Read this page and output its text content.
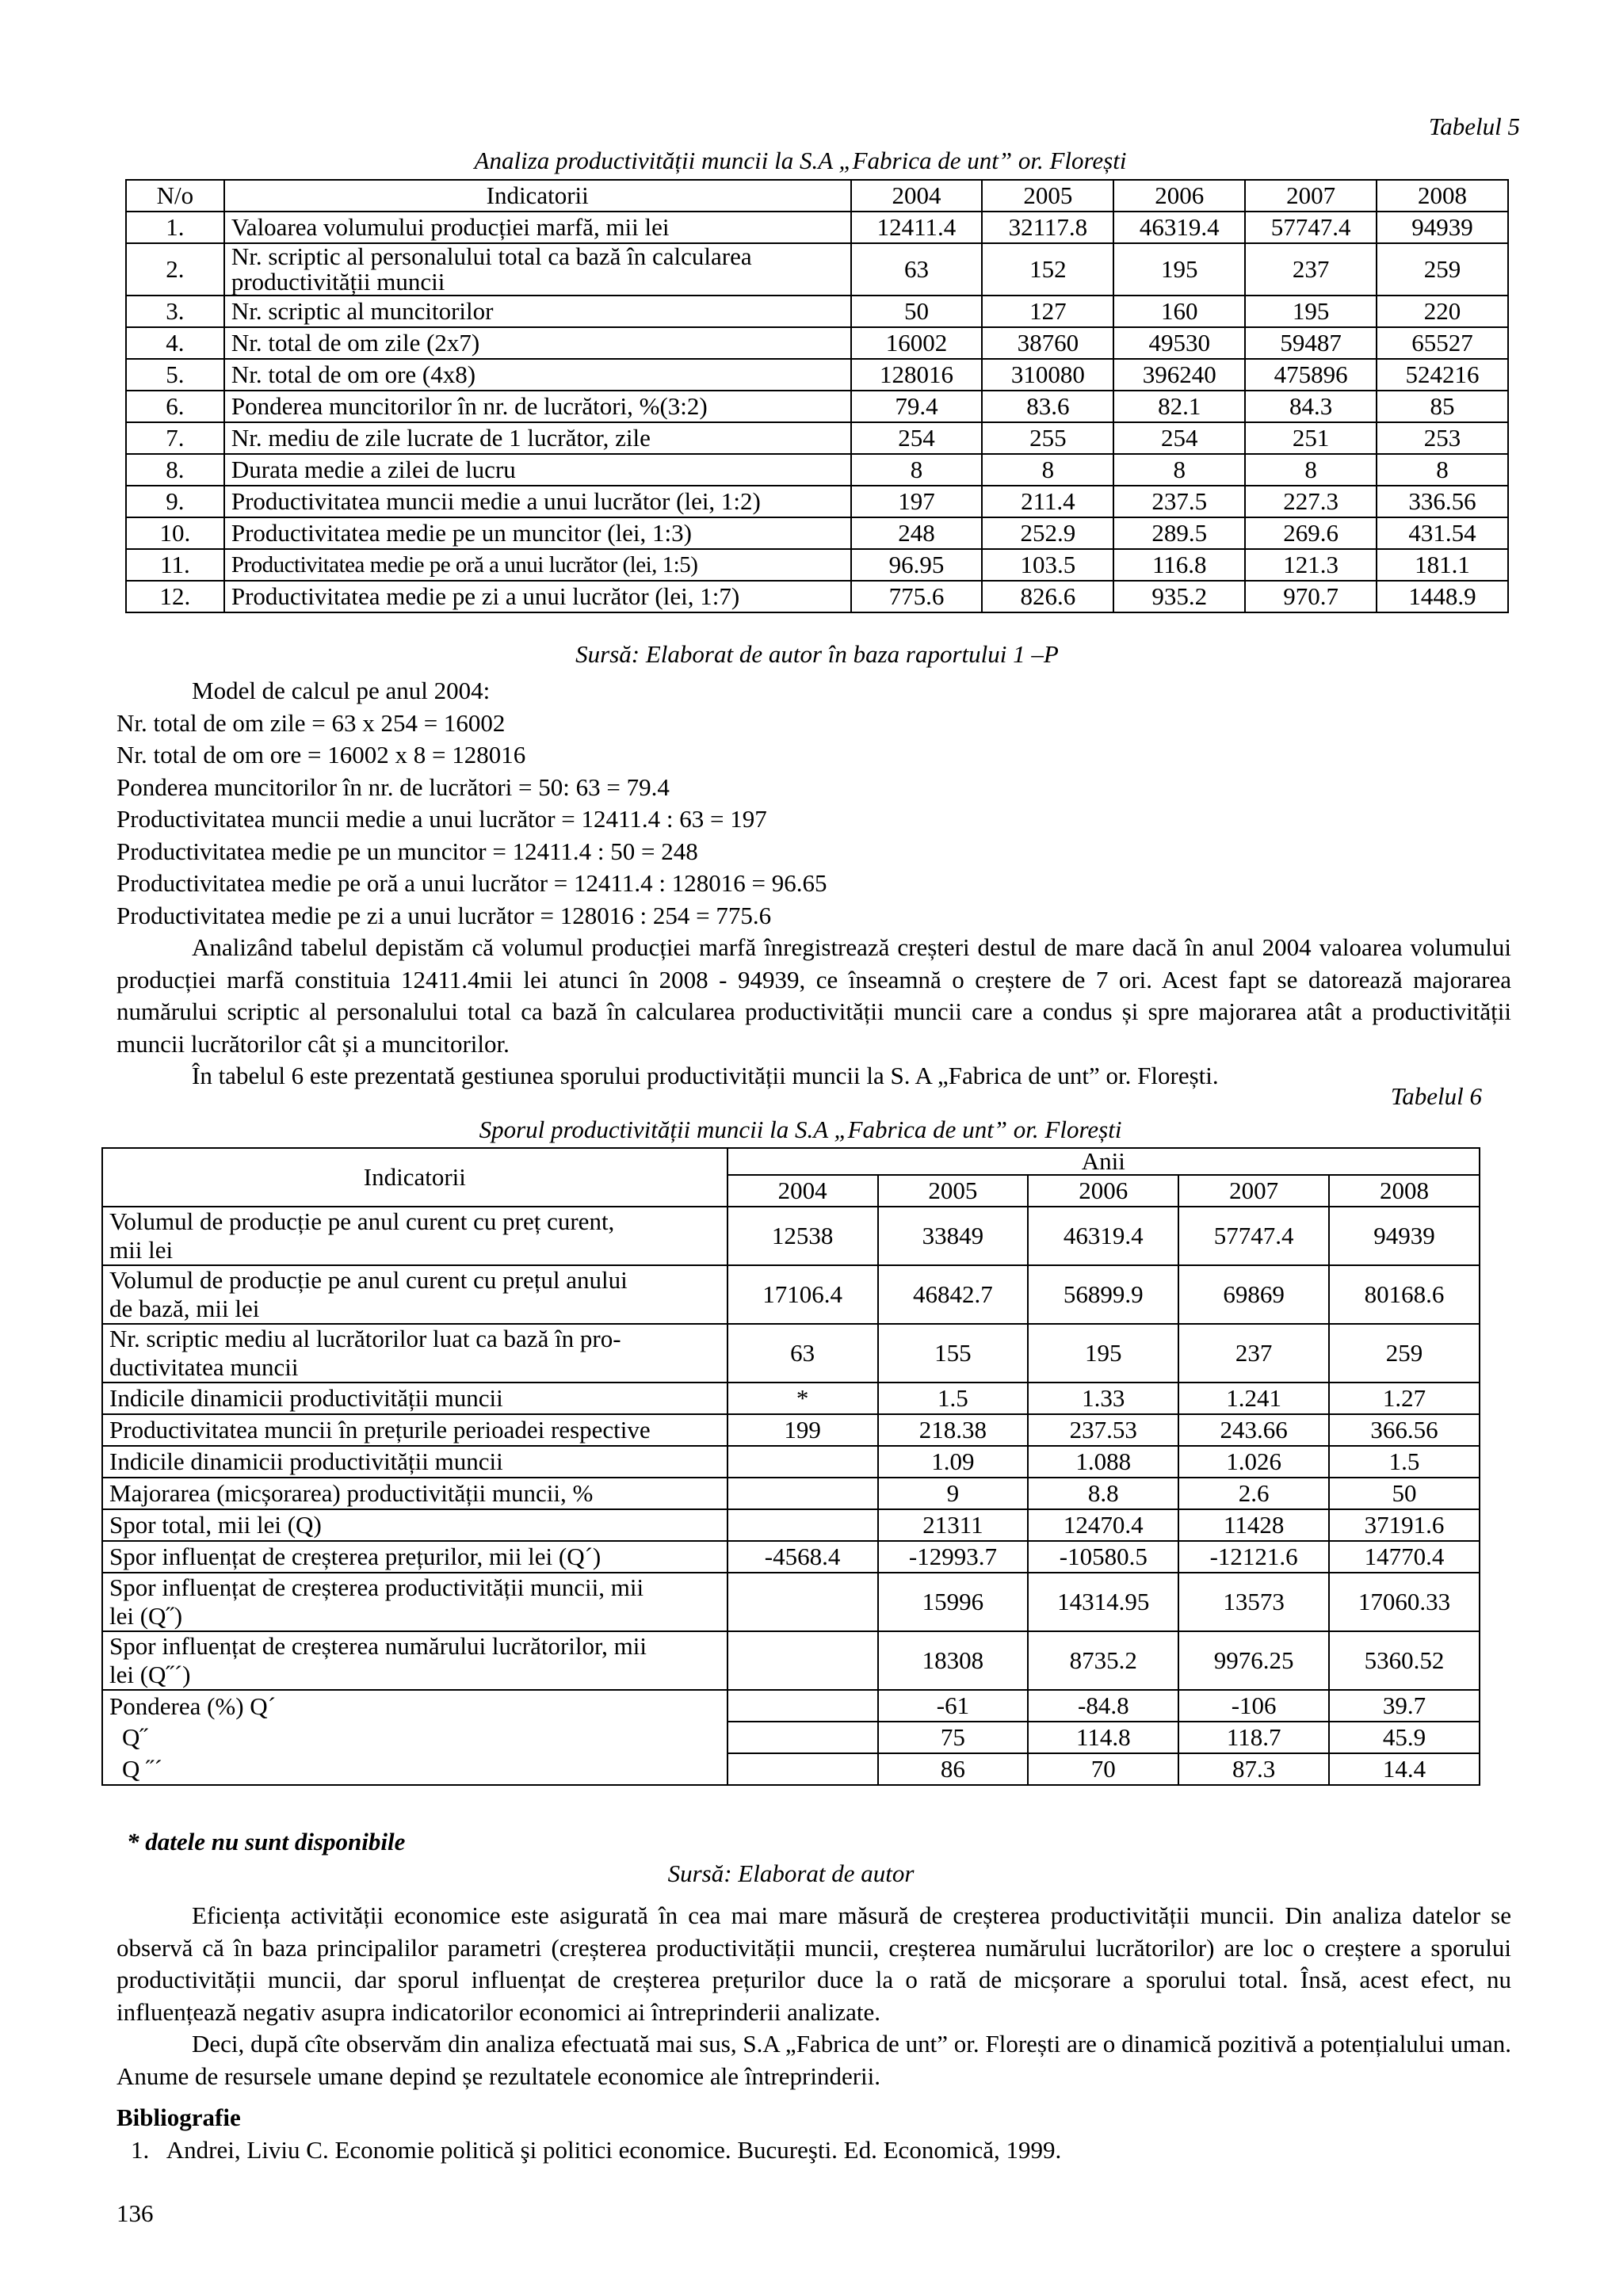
Tabelul 5
Analiza productivității muncii la S.A „Fabrica de unt” or. Florești
N/o	Indicatorii	2004	2005	2006	2007	2008
1.	Valoarea volumului producției marfă, mii lei	12411.4	32117.8	46319.4	57747.4	94939
2.	Nr. scriptic al personalului total ca bază în calcularea
productivității muncii	63	152	195	237	259
3.	Nr. scriptic al muncitorilor	50	127	160	195	220
4.	Nr. total de om zile (2x7)	16002	38760	49530	59487	65527
5.	Nr. total de om ore (4x8)	128016	310080	396240	475896	524216
6.	Ponderea muncitorilor în nr. de lucrători, %(3:2)	79.4	83.6	82.1	84.3	85
7.	Nr. mediu de zile lucrate de 1 lucrător, zile	254	255	254	251	253
8.	Durata medie a zilei de lucru	8	8	8	8	8
9.	Productivitatea muncii medie a unui lucrător (lei, 1:2)	197	211.4	237.5	227.3	336.56
10.	Productivitatea medie pe un muncitor (lei, 1:3)	248	252.9	289.5	269.6	431.54
11.	Productivitatea medie pe oră a unui lucrător (lei, 1:5)	96.95	103.5	116.8	121.3	181.1
12.	Productivitatea medie pe zi a unui lucrător (lei, 1:7)	775.6	826.6	935.2	970.7	1448.9
Sursă: Elaborat de autor în baza raportului 1 –P
Model de calcul pe anul 2004:
Nr. total de om zile = 63 x 254 = 16002
Nr. total de om ore = 16002 x 8 = 128016
Ponderea muncitorilor în nr. de lucrători = 50: 63 = 79.4
Productivitatea muncii medie a unui lucrător = 12411.4 : 63 = 197
Productivitatea medie pe un muncitor = 12411.4 : 50 = 248
Productivitatea medie pe oră a unui lucrător = 12411.4 : 128016 = 96.65
Productivitatea medie pe zi a unui lucrător = 128016 : 254 = 775.6

Analizând tabelul depistăm că volumul producției marfă înregistrează creșteri destul de mare dacă în anul 2004 valoarea volumului producției marfă constituia 12411.4mii lei atunci în 2008 - 94939, ce înseamnă o creștere de 7 ori. Acest fapt se datorează majorarea numărului scriptic al personalului total ca bază în calcularea productivității muncii care a condus și spre majorarea atât a productivității muncii lucrătorilor cât și a muncitorilor.

În tabelul 6 este prezentată gestiunea sporului productivității muncii la S. A „Fabrica de unt” or. Florești.

Tabelul 6
Sporul productivității muncii la S.A „Fabrica de unt” or. Florești
Indicatorii	Anii				
	2004	2005	2006	2007	2008
Volumul de producție pe anul curent cu preț curent,
mii lei	12538	33849	46319.4	57747.4	94939
Volumul de producție pe anul curent cu prețul anului
de bază, mii lei	17106.4	46842.7	56899.9	69869	80168.6
Nr. scriptic mediu al lucrătorilor luat ca bază în pro-
ductivitatea muncii	63	155	195	237	259
Indicile dinamicii productivității muncii	*	1.5	1.33	1.241	1.27
Productivitatea muncii în prețurile perioadei respective	199	218.38	237.53	243.66	366.56
Indicile dinamicii productivității muncii		1.09	1.088	1.026	1.5
Majorarea (micșorarea) productivității muncii, %		9	8.8	2.6	50
Spor total, mii lei (Q)		21311	12470.4	11428	37191.6
Spor influențat de creșterea prețurilor, mii lei (Q´)	-4568.4	-12993.7	-10580.5	-12121.6	14770.4
Spor influențat de creșterea productivității muncii, mii
lei (Q˝)		15996	14314.95	13573	17060.33
Spor influențat de creșterea numărului lucrătorilor, mii
lei (Q˝´)		18308	8735.2	9976.25	5360.52
Ponderea (%) Q´		-61	-84.8	-106	39.7
Q˝		75	114.8	118.7	45.9
Q ˝´		86	70	87.3	14.4
* datele nu sunt disponibile
Sursă: Elaborat de autor

Eficiența activității economice este asigurată în cea mai mare măsură de creșterea productivității muncii. Din analiza datelor se observă că în baza principalilor parametri (creșterea productivității muncii, creșterea numărului lucrătorilor) are loc o creștere a sporului productivității muncii, dar sporul influențat de creșterea prețurilor duce la o rată de micșorare a sporului total. Însă, acest efect, nu influențează negativ asupra indicatorilor economici ai întreprinderii analizate.

Deci, după cîte observăm din analiza efectuată mai sus, S.A „Fabrica de unt” or. Florești are o dinamică pozitivă a potențialului uman. Anume de resursele umane depind șe rezultatele economice ale întreprinderii.

Bibliografie
1.   Andrei, Liviu C. Economie politică şi politici economice. Bucureşti. Ed. Economică, 1999.
136
